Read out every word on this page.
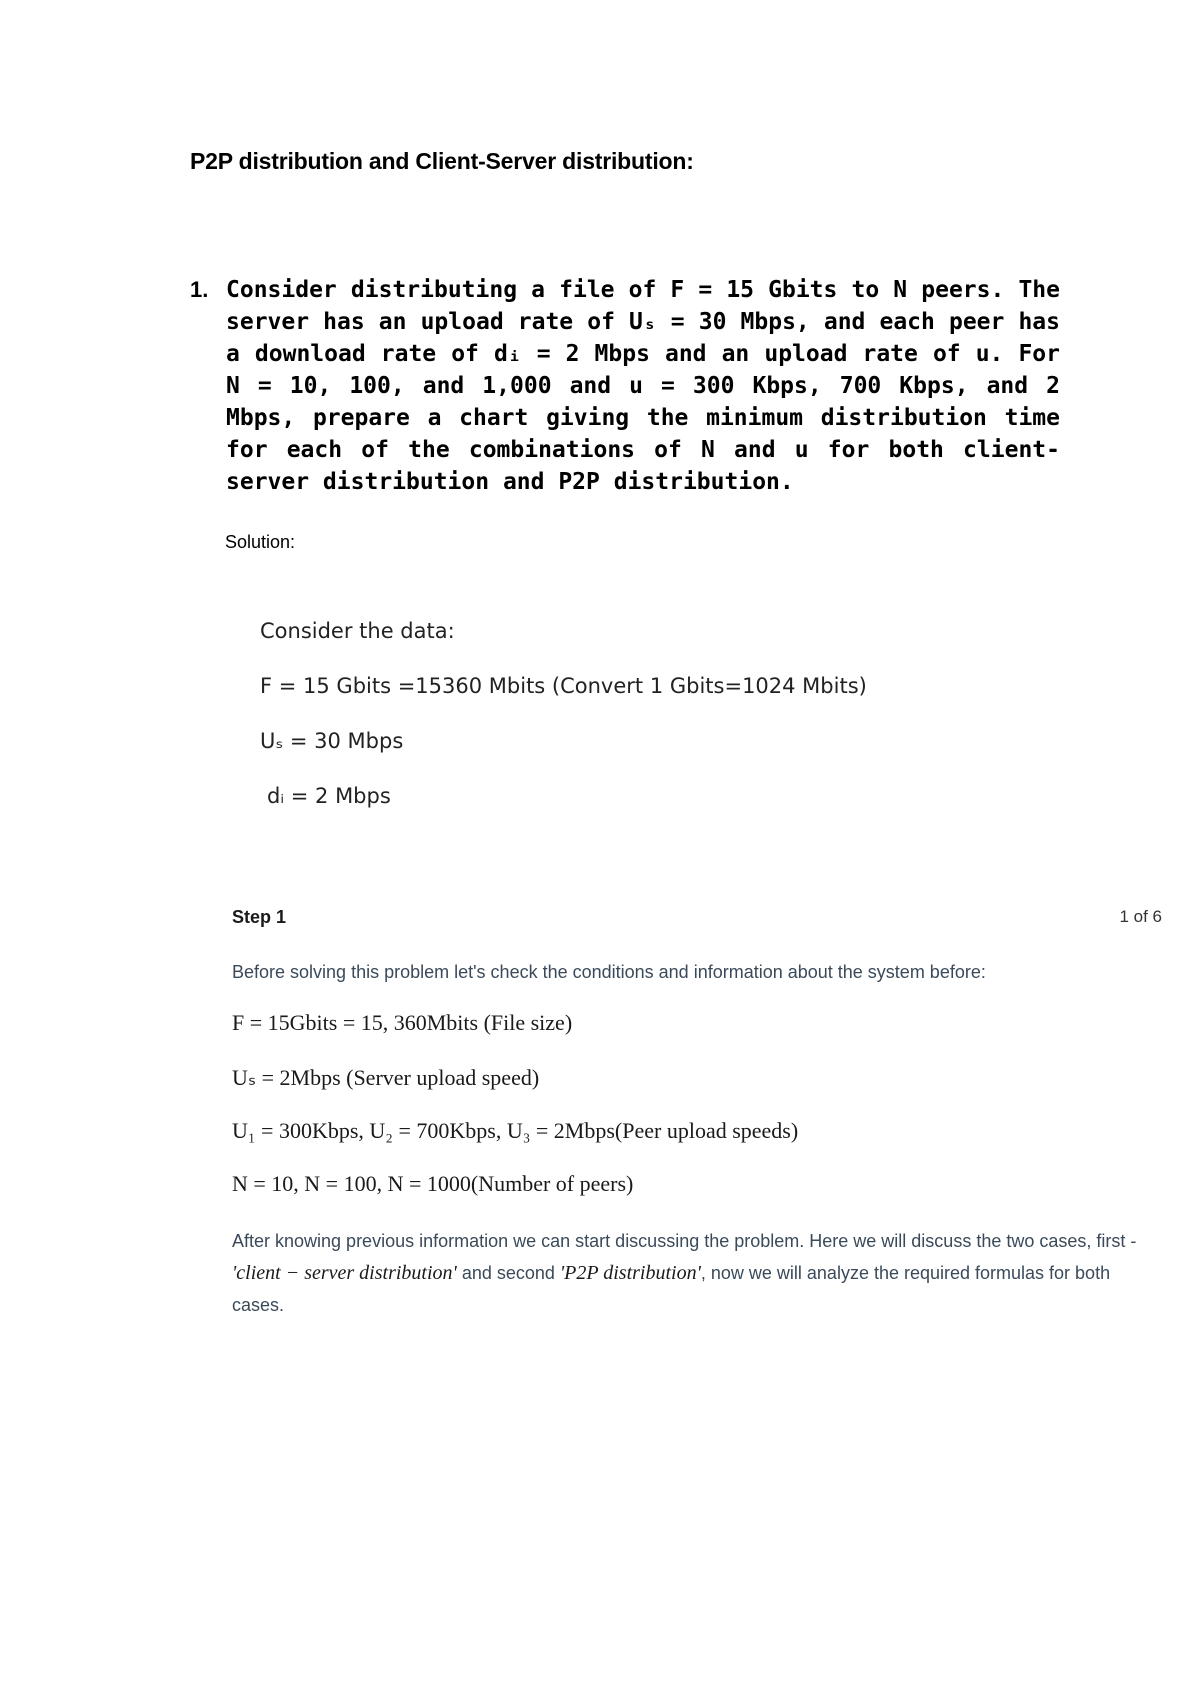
P2P distribution and Client-Server distribution:
1. Consider distributing a file of F = 15 Gbits to N peers. The server has an upload rate of Uₛ = 30 Mbps, and each peer has a download rate of dᵢ = 2 Mbps and an upload rate of u. For N = 10, 100, and 1,000 and u = 300 Kbps, 700 Kbps, and 2 Mbps, prepare a chart giving the minimum distribution time for each of the combinations of N and u for both client-server distribution and P2P distribution.
Solution:
Consider the data:
F = 15 Gbits =15360 Mbits (Convert 1 Gbits=1024 Mbits)
Uₛ = 30 Mbps
dᵢ = 2 Mbps
Step 1	1 of 6
Before solving this problem let's check the conditions and information about the system before:
F = 15Gbits = 15, 360Mbits (File size)
Uₛ = 2Mbps (Server upload speed)
U₁ = 300Kbps, U₂ = 700Kbps, U₃ = 2Mbps(Peer upload speeds)
N = 10, N = 100, N = 1000(Number of peers)
After knowing previous information we can start discussing the problem. Here we will discuss the two cases, first - 'client − server distribution' and second 'P2P distribution', now we will analyze the required formulas for both cases.
